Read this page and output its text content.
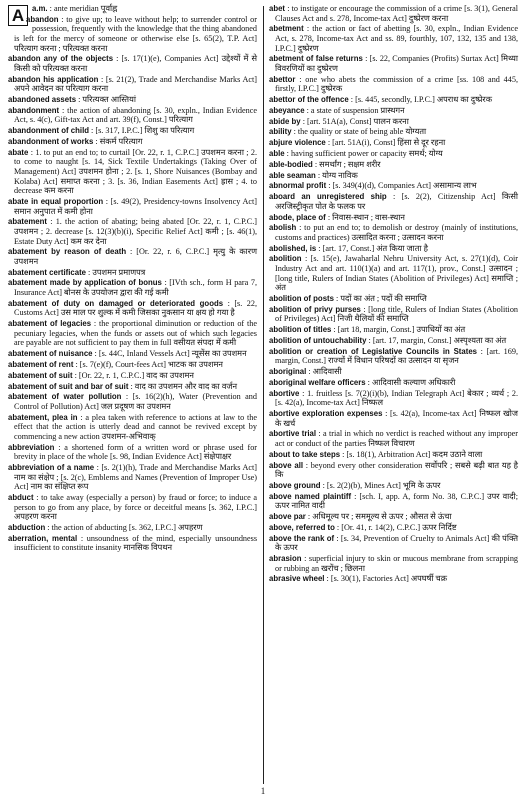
A	a.m. : ante meridian पूर्वाह्न
abandon : to give up; to leave without help; to surrender control or possession, frequently with the knowledge that the thing abandoned is left for the mercy of someone or otherwise else [s. 65(2), T.P. Act] परित्याग करना ; परित्यक्त करना
abandon any of the objects : [s. 17(1)(e), Companies Act] उद्देश्यों में से किसी को परित्यक्त करना
abandon his application : [s. 21(2), Trade and Merchandise Marks Act] अपने आवेदन का परित्याग करना
abandoned assets : परित्यक्त आस्तियां
abandonment : the action of abandoning [s. 30, expln., Indian Evidence Act, s. 4(c), Gift-tax Act and art. 39(f), Const.] परित्याग
abandonment of child : [s. 317, I.P.C.] शिशु का परित्याग
abandonment of works : संकर्म परित्याग
abate : 1. to put an end to; to curtail [Or. 22, r. 1, C.P.C.] उपशमन करना ; 2. to come to naught [s. 14, Sick Textile Undertakings (Taking Over of Management) Act] उपशमन होना ; 2. [s. 1, Shore Nuisances (Bombay and Kolaba) Act] समाप्त करना ; 3. [s. 36, Indian Easements Act] ह्रास ; 4. to decrease कम करना
abate in equal proportion : [s. 49(2), Presidency-towns Insolvency Act] समान अनुपात में कमी होना
abatement : 1. the action of abating; being abated [Or. 22, r. 1, C.P.C.] उपशमन ; 2. decrease [s. 12(3)(b)(i), Specific Relief Act] कमी ; [s. 46(1), Estate Duty Act] कम कर देना
abatement by reason of death : [Or. 22, r. 6, C.P.C.] मृत्यु के कारण उपशमन
abatement certificate : उपशमन प्रमाणपत्र
abatement made by application of bonus : [IVth sch., form H para 7, Insurance Act] बोनस के उपयोजन द्वारा की गई कमी
abatement of duty on damaged or deteriorated goods : [s. 22, Customs Act] उस माल पर शुल्क में कमी जिसका नुकसान या क्षय हो गया है
abatement of legacies : the proportional diminution or reduction of the pecuniary legacies, when the funds or assets out of which such legacies are payable are not sufficient to pay them in full वसीयत संपदा में कमी
abatement of nuisance : [s. 44C, Inland Vessels Act] न्यूसेंस का उपशमन
abatement of rent : [s. 7(e)(f), Court-fees Act] भाटक का उपशमन
abatement of suit : [Or. 22, r. 1, C.P.C.] वाद का उपशमन
abatement of suit and bar of suit : वाद का उपशमन और वाद का वर्जन
abatement of water pollution : [s. 16(2)(h), Water (Prevention and Control of Pollution) Act] जल प्रदूषण का उपशमन
abatement, plea in : a plea taken with reference to actions at law to the effect that the action is utterly dead and cannot be revived except by commencing a new action उपशमन-अभिवाक्
abbreviation : a shortened form of a written word or phrase used for brevity in place of the whole [s. 98, Indian Evidence Act] संक्षेपाक्षर
abbreviation of a name : [s. 2(1)(h), Trade and Merchandise Marks Act] नाम का संक्षेप ; [s. 2(c), Emblems and Names (Prevention of Improper Use) Act] नाम का संक्षिप्त रूप
abduct : to take away (especially a person) by fraud or force; to induce a person to go from any place, by force or deceitful means [s. 362, I.P.C.] अपहरण करना
abduction : the action of abducting [s. 362, I.P.C.] अपहरण
aberration, mental : unsoundness of the mind, especially unsoundness insufficient to constitute insanity मानसिक विपथन
abet : to instigate or encourage the commission of a crime [s. 3(1), General Clauses Act and s. 278, Income-tax Act] दुष्प्रेरण करना
abetment : the action or fact of abetting [s. 30, expln., Indian Evidence Act, s. 278, Income-tax Act and ss. 89, fourthly, 107, 132, 135 and 138, I.P.C.] दुष्प्रेरण
abetment of false returns : [s. 22, Companies (Profits) Surtax Act] मिथ्या विवरणियों का दुष्प्रेरण
abettor : one who abets the commission of a crime [ss. 108 and 445, firstly, I.P.C.] दुष्प्रेरक
abettor of the offence : [s. 445, secondly, I.P.C.] अपराध का दुष्प्रेरक
abeyance : a state of suspension प्रास्थगन
abide by : [art. 51A(a), Const] पालन करना
ability : the quality or state of being able योग्यता
abjure violence : [art. 51A(i), Const] हिंसा से दूर रहना
able : having sufficient power or capacity समर्थ; योग्य
able-bodied : समर्थांग ; सक्षम शरीर
able seaman : योग्य नाविक
abnormal profit : [s. 349(4)(d), Companies Act] असामान्य लाभ
aboard an unregistered ship : [s. 2(2), Citizenship Act] किसी अरजिस्ट्रीकृत पोत के फलक पर
abode, place of : निवास-स्थान ; वास-स्थान
abolish : to put an end to; to demolish or destroy (mainly of institutions, customs and practices) उत्सादित करना ; उत्सादन करना
abolished, is : [art. 17, Const.] अंत किया जाता है
abolition : [s. 15(e), Jawaharlal Nehru University Act, s. 27(1)(d), Coir Industry Act and art. 110(1)(a) and art. 117(1), prov., Const.] उत्सादन ; [long title, Rulers of Indian States (Abolition of Privileges) Act] समाप्ति ; अंत
abolition of posts : पदों का अंत ; पदों की समाप्ति
abolition of privy purses : [long title, Rulers of Indian States (Abolition of Privileges) Act] निजी थैलियों की समाप्ति
abolition of titles : [art 18, margin, Const.] उपाधियों का अंत
abolition of untouchability : [art. 17, margin, Const.] अस्पृश्यता का अंत
abolition or creation of Legislative Councils in States : [art. 169, margin, Const.] राज्यों में विधान परिषदों का उत्सादन या सृजन
aboriginal : आदिवासी
aboriginal welfare officers : आदिवासी कल्याण अधिकारी
abortive : 1. fruitless [s. 7(2)(i)(b), Indian Telegraph Act] बेकार ; व्यर्थ ; 2. [s. 42(a), Income-tax Act] निष्फल
abortive exploration expenses : [s. 42(a), Income-tax Act] निष्फल खोज के खर्च
abortive trial : a trial in which no verdict is reached without any improper act or conduct of the parties निष्फल विचारण
about to take steps : [s. 18(1), Arbitration Act] कदम उठाने वाला
above all : beyond every other consideration सर्वोपरि ; सबसे बढ़ी बात यह है कि
above ground : [s. 2(2)(b), Mines Act] भूमि के ऊपर
above named plaintiff : [sch. I, app. A, form No. 38, C.P.C.] उपर वादी; ऊपर नामित वादी
above par : अधिमूल्य पर ; सममूल्य से ऊपर ; औसत से ऊंचा
above, referred to : [Or. 41, r. 14(2), C.P.C.] ऊपर निर्दिष्ट
above the rank of : [s. 34, Prevention of Cruelty to Animals Act] की पंक्ति के ऊपर
abrasion : superficial injury to skin or mucous membrane from scrapping or rubbing an खरोंच ; छिलना
abrasive wheel : [s. 30(1), Factories Act] अपघर्षी चक्र
1
